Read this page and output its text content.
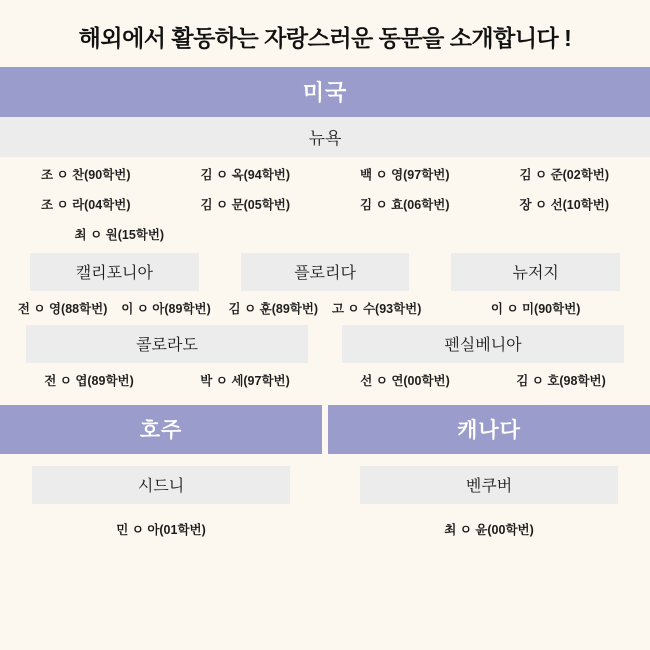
해외에서 활동하는 자랑스러운 동문을 소개합니다 !
미국
뉴욕
조 ㅇ 찬(90학번)	김 ㅇ 옥(94학번)	백 ㅇ 영(97학번)	김 ㅇ 준(02학번)
조 ㅇ 라(04학번)	김 ㅇ 문(05학번)	김 ㅇ 효(06학번)	장 ㅇ 선(10학번)
최 ㅇ 원(15학번)
캘리포니아	플로리다	뉴저지
전 ㅇ 영(88학번) 이 ㅇ 아(89학번) 김 ㅇ 훈(89학번) 고 ㅇ 수(93학번)	이 ㅇ 미(90학번)
콜로라도	펜실베니아
전 ㅇ 엽(89학번)	박 ㅇ 세(97학번)	선 ㅇ 연(00학번)	김 ㅇ 호(98학번)
호주
시드니
민 ㅇ 아(01학번)
캐나다
벤쿠버
최 ㅇ 윤(00학번)
